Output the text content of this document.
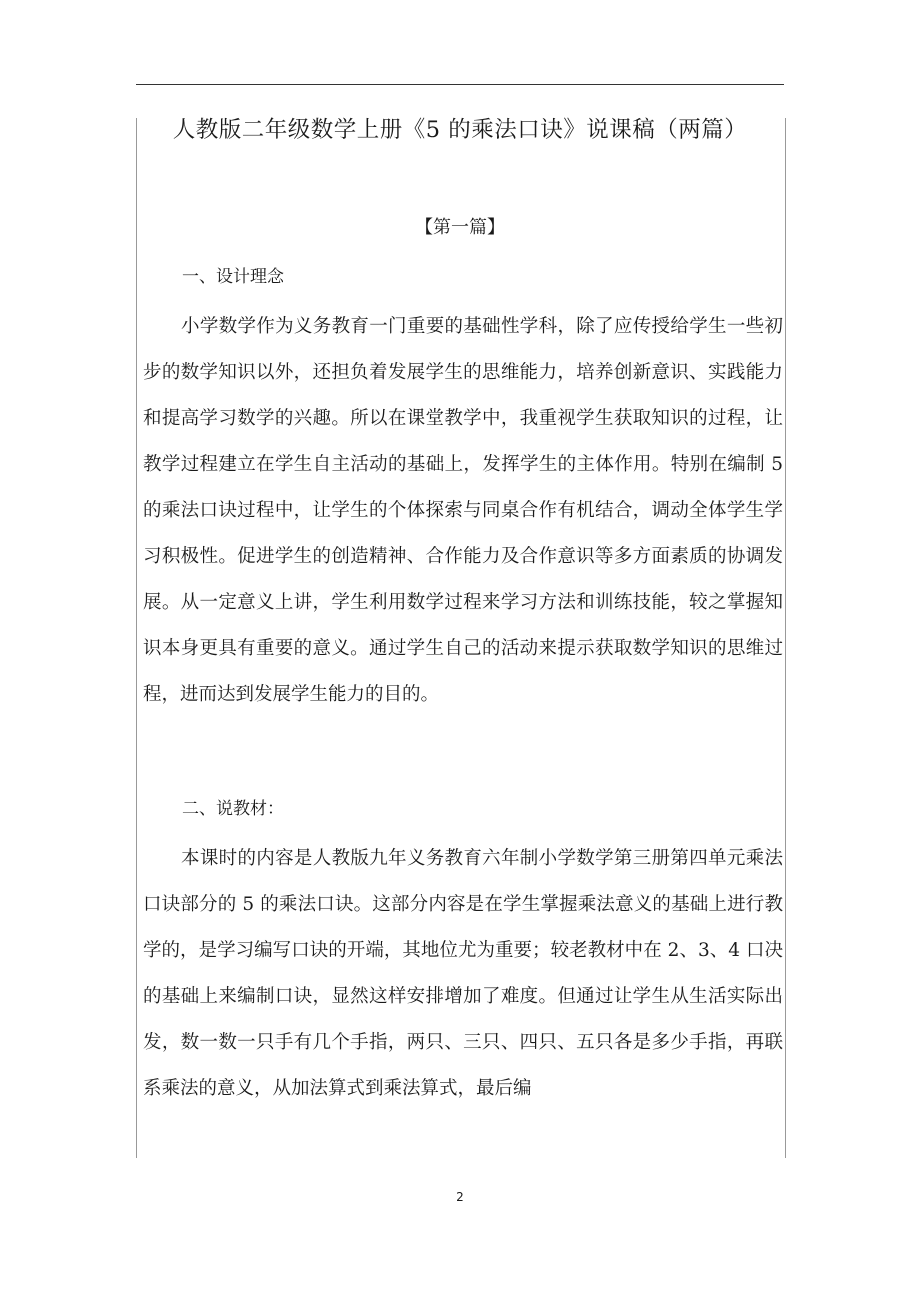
人教版二年级数学上册《5 的乘法口诀》说课稿（两篇）
【第一篇】
一、设计理念

小学数学作为义务教育一门重要的基础性学科，除了应传授给学生一些初步的数学知识以外，还担负着发展学生的思维能力，培养创新意识、实践能力和提高学习数学的兴趣。所以在课堂教学中，我重视学生获取知识的过程，让教学过程建立在学生自主活动的基础上，发挥学生的主体作用。特别在编制 5 的乘法口诀过程中，让学生的个体探索与同桌合作有机结合，调动全体学生学习积极性。促进学生的创造精神、合作能力及合作意识等多方面素质的协调发展。从一定意义上讲，学生利用数学过程来学习方法和训练技能，较之掌握知识本身更具有重要的意义。通过学生自己的活动来提示获取数学知识的思维过程，进而达到发展学生能力的目的。

二、说教材：

本课时的内容是人教版九年义务教育六年制小学数学第三册第四单元乘法口诀部分的 5 的乘法口诀。这部分内容是在学生掌握乘法意义的基础上进行教学的，是学习编写口诀的开端，其地位尤为重要；较老教材中在 2、3、4 口决的基础上来编制口诀，显然这样安排增加了难度。但通过让学生从生活实际出发，数一数一只手有几个手指，两只、三只、四只、五只各是多少手指，再联系乘法的意义，从加法算式到乘法算式，最后编

2
